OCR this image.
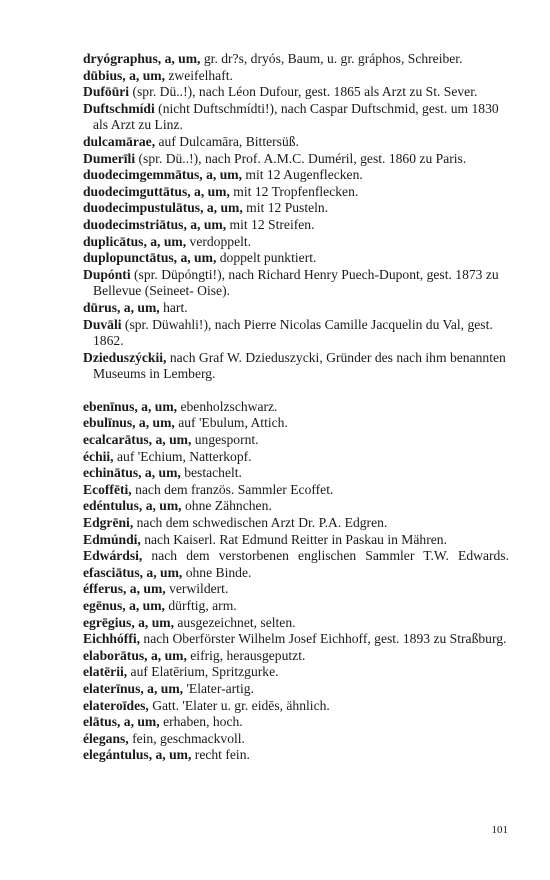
dryógraphus, a, um, gr. dr?s, dryós, Baum, u. gr. gráphos, Schreiber.

dūbius, a, um, zweifelhaft.

Dufōūri (spr. Dü..!), nach Léon Dufour, gest. 1865 als Arzt zu St. Sever.

Duftschmídi (nicht Duftschmídti!), nach Caspar Duftschmid, gest. um 1830 als Arzt zu Linz.

dulcamārae, auf Dulcamāra, Bittersüß.

Dumerīli (spr. Dü..!), nach Prof. A.M.C. Duméril, gest. 1860 zu Paris.

duodecimgemmātus, a, um, mit 12 Augenflecken.

duodecimguttātus, a, um, mit 12 Tropfenflecken.

duodecimpustulātus, a, um, mit 12 Pusteln.

duodecimstriātus, a, um, mit 12 Streifen.

duplicātus, a, um, verdoppelt.

duplopunctātus, a, um, doppelt punktiert.

Dupónti (spr. Düpóngti!), nach Richard Henry Puech-Dupont, gest. 1873 zu Bellevue (Seineet- Oise).

dūrus, a, um, hart.

Duvāli (spr. Düwahli!), nach Pierre Nicolas Camille Jacquelin du Val, gest. 1862.

Dzieduszýckii, nach Graf W. Dzieduszycki, Gründer des nach ihm benannten Museums in Lemberg.

ebenīnus, a, um, ebenholzschwarz.

ebulīnus, a, um, auf 'Ebulum, Attich.

ecalcarātus, a, um, ungespornt.

échii, auf 'Echium, Natterkopf.

echinātus, a, um, bestachelt.

Ecoffēti, nach dem französ. Sammler Ecoffet.

edéntulus, a, um, ohne Zähnchen.

Edgrēni, nach dem schwedischen Arzt Dr. P.A. Edgren.

Edmúndi, nach Kaiserl. Rat Edmund Reitter in Paskau in Mähren.

Edwárdsi, nach dem verstorbenen englischen Sammler T.W. Edwards.

efasciātus, a, um, ohne Binde.

éfferus, a, um, verwildert.

egēnus, a, um, dürftig, arm.

egrēgius, a, um, ausgezeichnet, selten.

Eichhóffi, nach Oberförster Wilhelm Josef Eichhoff, gest. 1893 zu Straßburg.

elaborātus, a, um, eifrig, herausgeputzt.

elatērii, auf Elatērium, Spritzgurke.

elaterīnus, a, um, 'Elater-artig.

elateroīdes, Gatt. 'Elater u. gr. eidēs, ähnlich.

elātus, a, um, erhaben, hoch.

élegans, fein, geschmackvoll.

elegántulus, a, um, recht fein.

101
